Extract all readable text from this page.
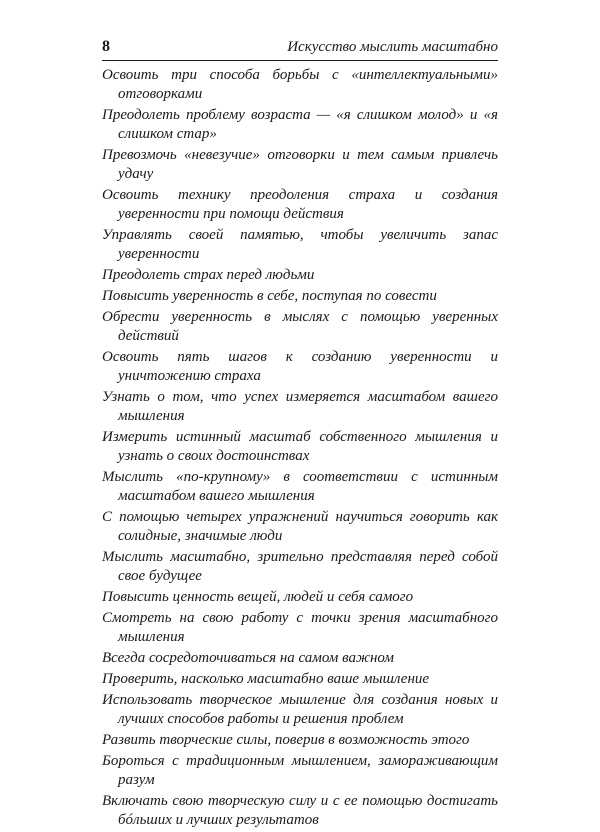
8	Искусство мыслить масштабно
Освоить три способа борьбы с «интеллектуальными» отговорками
Преодолеть проблему возраста — «я слишком молод» и «я слишком стар»
Превозмочь «невезучие» отговорки и тем самым привлечь удачу
Освоить технику преодоления страха и создания уверенности при помощи действия
Управлять своей памятью, чтобы увеличить запас уверенности
Преодолеть страх перед людьми
Повысить уверенность в себе, поступая по совести
Обрести уверенность в мыслях с помощью уверенных действий
Освоить пять шагов к созданию уверенности и уничтожению страха
Узнать о том, что успех измеряется масштабом вашего мышления
Измерить истинный масштаб собственного мышления и узнать о своих достоинствах
Мыслить «по-крупному» в соответствии с истинным масштабом вашего мышления
С помощью четырех упражнений научиться говорить как солидные, значимые люди
Мыслить масштабно, зрительно представляя перед собой свое будущее
Повысить ценность вещей, людей и себя самого
Смотреть на свою работу с точки зрения масштабного мышления
Всегда сосредоточиваться на самом важном
Проверить, насколько масштабно ваше мышление
Использовать творческое мышление для создания новых и лучших способов работы и решения проблем
Развить творческие силы, поверив в возможность этого
Бороться с традиционным мышлением, замораживающим разум
Включать свою творческую силу и с ее помощью достигать бóльших и лучших результатов
